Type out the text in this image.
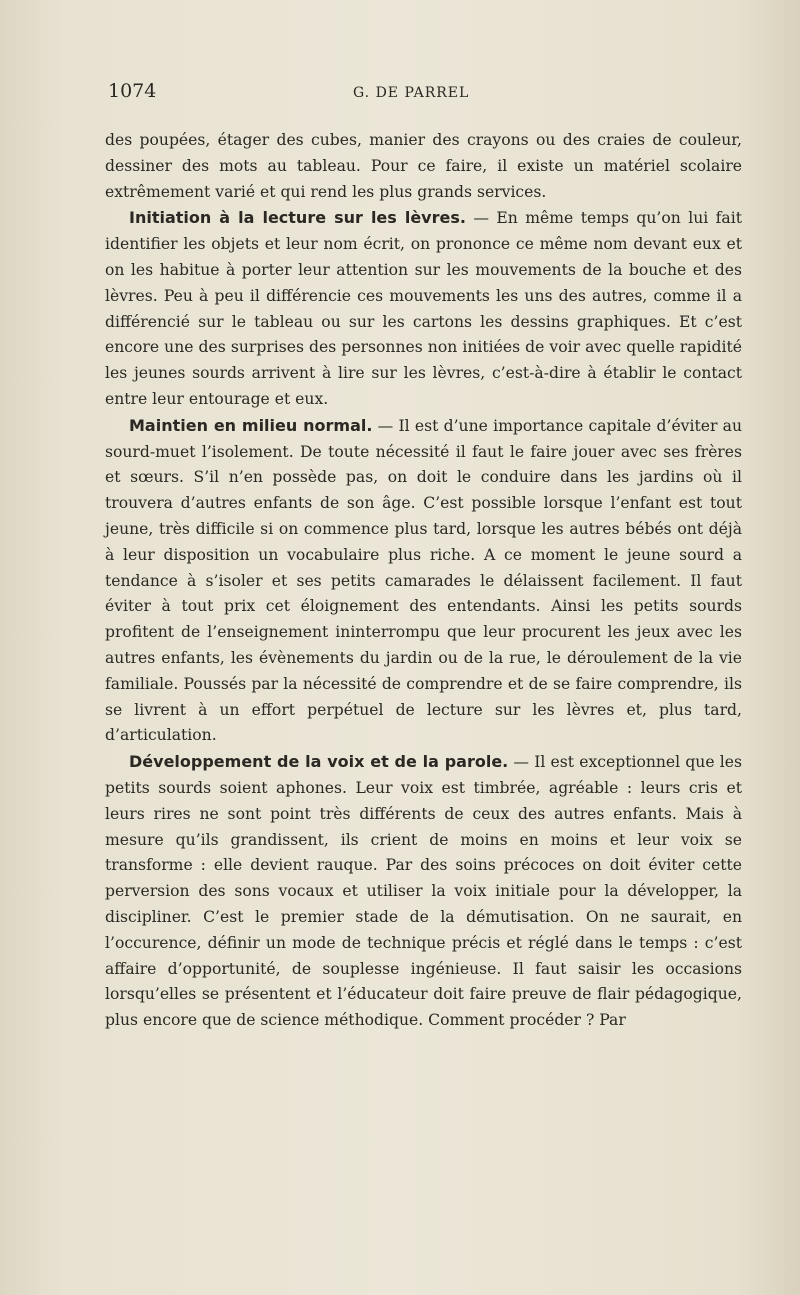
1074	G. DE PARREL

des poupées, étager des cubes, manier des crayons ou des craies de couleur, dessiner des mots au tableau. Pour ce faire, il existe un matériel scolaire extrêmement varié et qui rend les plus grands services.

Initiation à la lecture sur les lèvres. — En même temps qu’on lui fait identifier les objets et leur nom écrit, on prononce ce même nom devant eux et on les habitue à porter leur attention sur les mouvements de la bouche et des lèvres. Peu à peu il différencie ces mouvements les uns des autres, comme il a différencié sur le tableau ou sur les cartons les dessins graphiques. Et c’est encore une des surprises des personnes non initiées de voir avec quelle rapidité les jeunes sourds arrivent à lire sur les lèvres, c’est-à-dire à établir le contact entre leur entourage et eux.

Maintien en milieu normal. — Il est d’une importance capitale d’éviter au sourd-muet l’isolement. De toute nécessité il faut le faire jouer avec ses frères et sœurs. S’il n’en possède pas, on doit le conduire dans les jardins où il trouvera d’autres enfants de son âge. C’est possible lorsque l’enfant est tout jeune, très difficile si on commence plus tard, lorsque les autres bébés ont déjà à leur disposition un vocabulaire plus riche. A ce moment le jeune sourd a tendance à s’isoler et ses petits camarades le délaissent facilement. Il faut éviter à tout prix cet éloignement des entendants. Ainsi les petits sourds profitent de l’enseignement ininterrompu que leur procurent les jeux avec les autres enfants, les évènements du jardin ou de la rue, le déroulement de la vie familiale. Poussés par la nécessité de comprendre et de se faire comprendre, ils se livrent à un effort perpétuel de lecture sur les lèvres et, plus tard, d’articulation.

Développement de la voix et de la parole. — Il est exceptionnel que les petits sourds soient aphones. Leur voix est timbrée, agréable : leurs cris et leurs rires ne sont point très différents de ceux des autres enfants. Mais à mesure qu’ils grandissent, ils crient de moins en moins et leur voix se transforme : elle devient rauque. Par des soins précoces on doit éviter cette perversion des sons vocaux et utiliser la voix initiale pour la développer, la discipliner. C’est le premier stade de la démutisation. On ne saurait, en l’occurence, définir un mode de technique précis et réglé dans le temps : c’est affaire d’opportunité, de souplesse ingénieuse. Il faut saisir les occasions lorsqu’elles se présentent et l’éducateur doit faire preuve de flair pédagogique, plus encore que de science méthodique. Comment procéder ? Par
